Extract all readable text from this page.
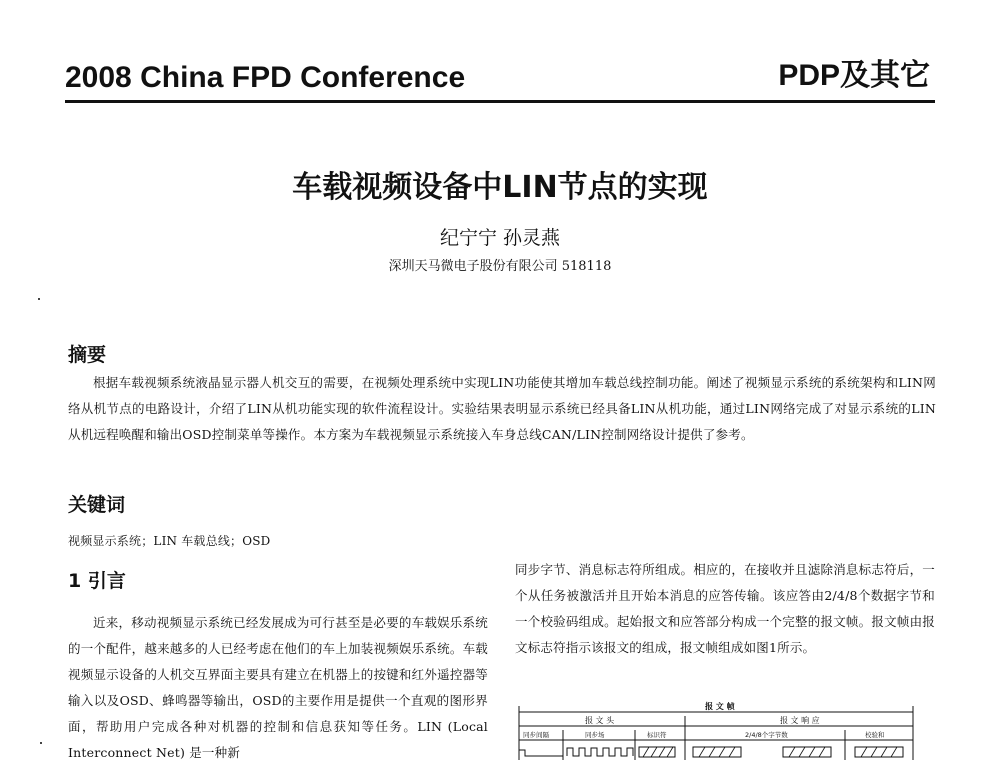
2008 China FPD Conference	PDP及其它
车载视频设备中LIN节点的实现
纪宁宁 孙灵燕
深圳天马微电子股份有限公司 518118
摘要
根据车载视频系统液晶显示器人机交互的需要，在视频处理系统中实现LIN功能使其增加车载总线控制功能。阐述了视频显示系统的系统架构和LIN网络从机节点的电路设计，介绍了LIN从机功能实现的软件流程设计。实验结果表明显示系统已经具备LIN从机功能，通过LIN网络完成了对显示系统的LIN从机远程唤醒和输出OSD控制菜单等操作。本方案为车载视频显示系统接入车身总线CAN/LIN控制网络设计提供了参考。
关键词
视频显示系统；LIN 车载总线；OSD
1 引言
近来，移动视频显示系统已经发展成为可行甚至是必要的车载娱乐系统的一个配件，越来越多的人已经考虑在他们的车上加装视频娱乐系统。车载视频显示设备的人机交互界面主要具有建立在机器上的按键和红外遥控器等输入以及OSD、蜂鸣器等输出，OSD的主要作用是提供一个直观的图形界面，帮助用户完成各种对机器的控制和信息获知等任务。LIN (Local Interconnect Net) 是一种新
同步字节、消息标志符所组成。相应的，在接收并且滤除消息标志符后，一个从任务被激活并且开始本消息的应答传输。该应答由2/4/8个数据字节和一个校验码组成。起始报文和应答部分构成一个完整的报文帧。报文帧由报文标志符指示该报文的组成，报文帧组成如图1所示。
报 文 帧
报 文 头	报 文 响 应
同步间隔	同步场	标识符	2/4/8个字节数	校验和
